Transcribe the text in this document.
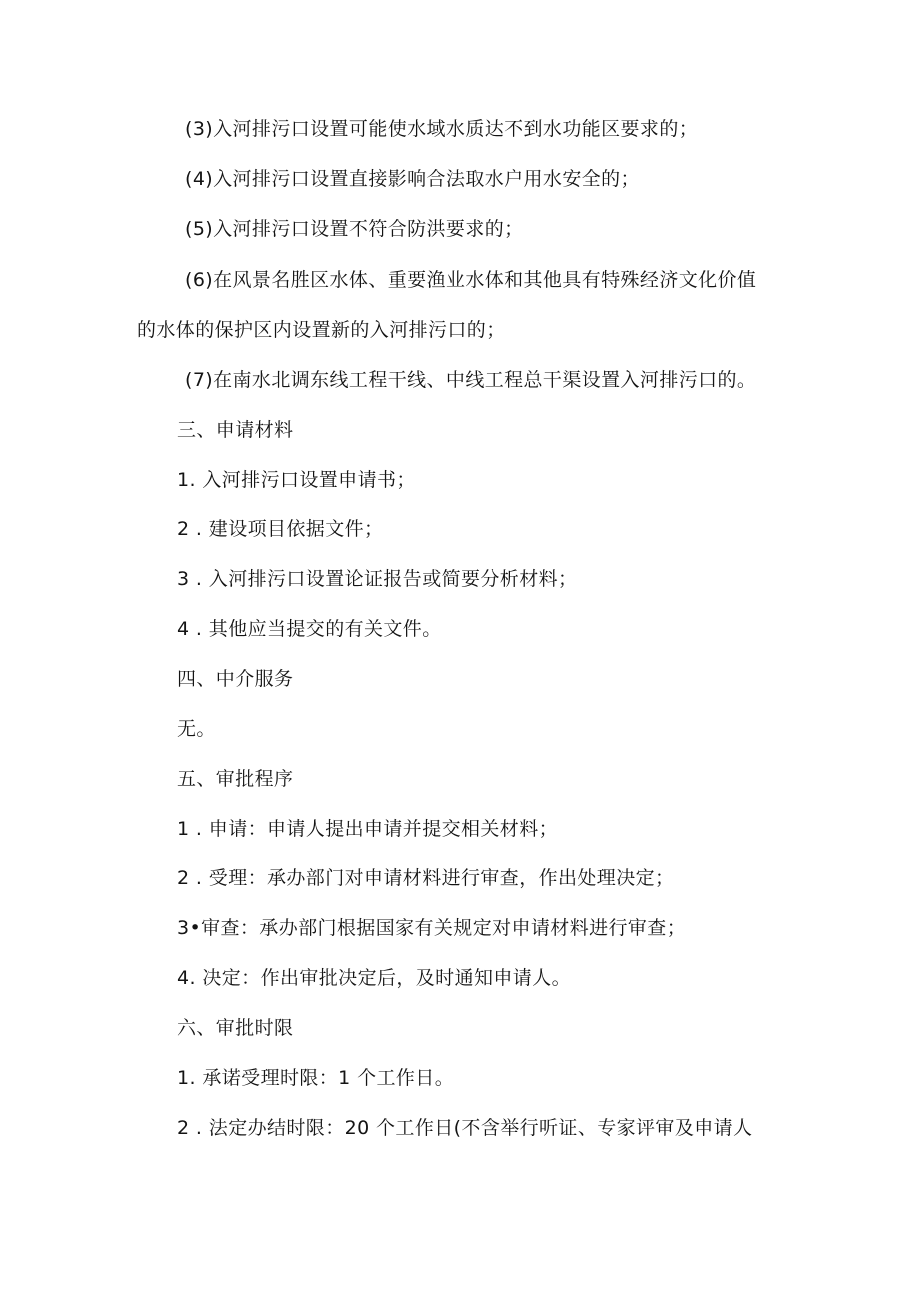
(3)入河排污口设置可能使水域水质达不到水功能区要求的；
(4)入河排污口设置直接影响合法取水户用水安全的；
(5)入河排污口设置不符合防洪要求的；
(6)在风景名胜区水体、重要渔业水体和其他具有特殊经济文化价值
的水体的保护区内设置新的入河排污口的；
(7)在南水北调东线工程干线、中线工程总干渠设置入河排污口的。
三、申请材料
1. 入河排污口设置申请书；
2 . 建设项目依据文件；
3 . 入河排污口设置论证报告或简要分析材料；
4 . 其他应当提交的有关文件。
四、中介服务
无。
五、审批程序
1 . 申请：申请人提出申请并提交相关材料；
2 . 受理：承办部门对申请材料进行审查，作出处理决定；
3•审查：承办部门根据国家有关规定对申请材料进行审查；
4. 决定：作出审批决定后，及时通知申请人。
六、审批时限
1. 承诺受理时限：1 个工作日。
2 . 法定办结时限：20 个工作日(不含举行听证、专家评审及申请人
